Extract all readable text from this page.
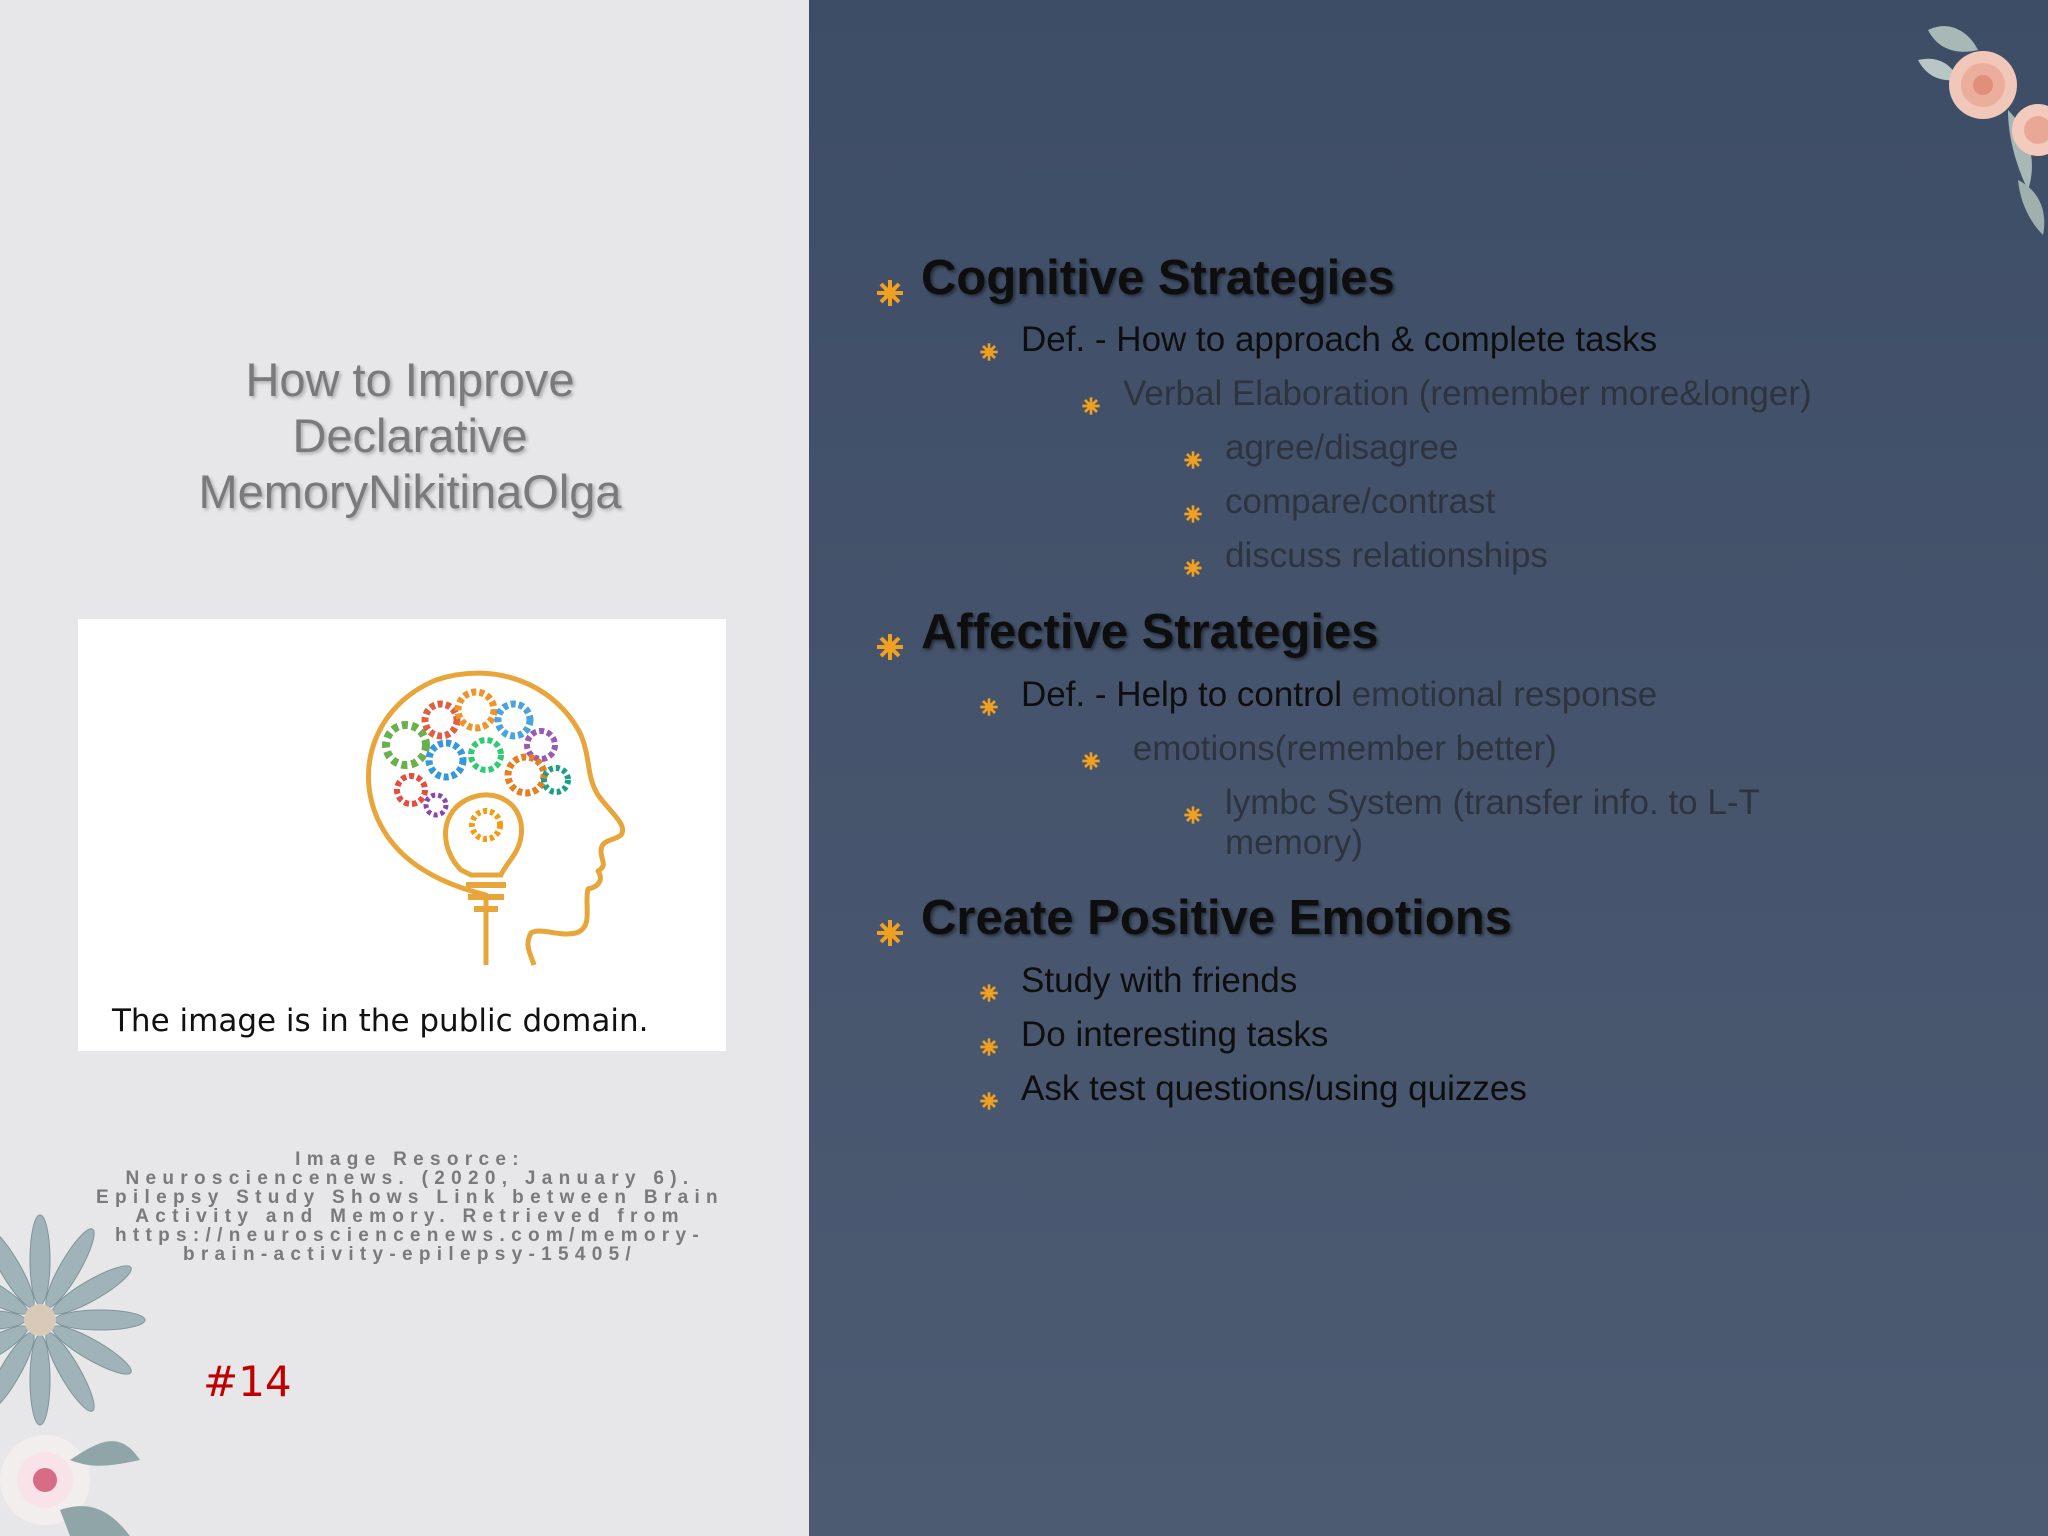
How to Improve
Declarative
MemoryNikitinaOlga
The image is in the public domain.
Image Resorce:
Neurosciencenews. (2020, January 6).
Epilepsy Study Shows Link between Brain
Activity and Memory. Retrieved from
https://neurosciencenews.com/memory-
brain-activity-epilepsy-15405/
#14
Cognitive Strategies
Def. - How to approach & complete tasks
Verbal Elaboration (remember more&longer)
agree/disagree
compare/contrast
discuss relationships
Affective Strategies
Def. - Help to control emotional response
emotions(remember better)
lymbc System (transfer info. to L-T memory)
Create Positive Emotions
Study with friends
Do interesting tasks
Ask test questions/using quizzes
